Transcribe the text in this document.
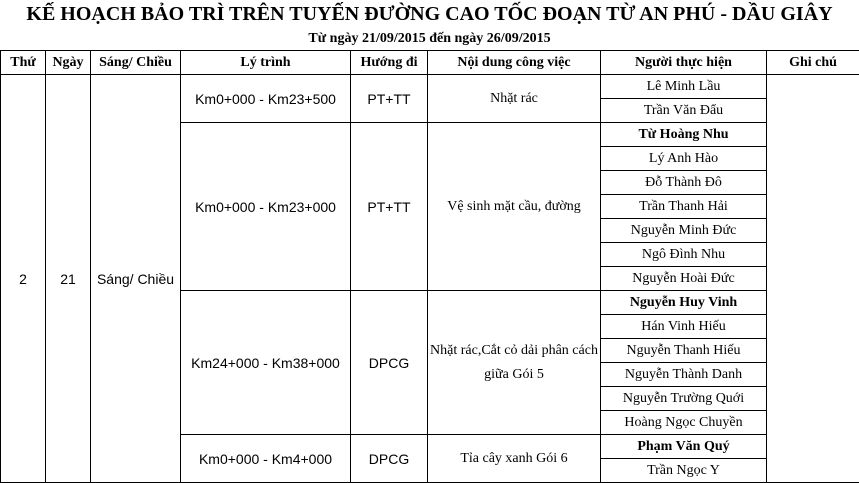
KẾ HOẠCH BẢO TRÌ TRÊN TUYẾN ĐƯỜNG CAO TỐC ĐOẠN TỪ AN PHÚ - DẦU GIÂY
Từ ngày 21/09/2015 đến ngày 26/09/2015
Thứ	Ngày	Sáng/ Chiều	Lý trình	Hướng đi	Nội dung công việc	Người thực hiện	Ghi chú
2	21	Sáng/ Chiều	Km0+000 - Km23+500	PT+TT	Nhặt rác	Lê Minh Lầu	
						Trần Văn Đẩu	
			Km0+000 - Km23+000	PT+TT	Vệ sinh mặt cầu, đường	Từ Hoàng Nhu	
						Lý Anh Hào	
						Đỗ Thành Đô	
						Trần Thanh Hải	
						Nguyễn Minh Đức	
						Ngô Đình Nhu	
						Nguyễn Hoài Đức	
			Km24+000 - Km38+000	DPCG	Nhặt rác,Cắt cỏ dải phân cách giữa Gói 5	Nguyễn Huy Vinh	
						Hán Vinh Hiếu	
						Nguyễn Thanh Hiếu	
						Nguyễn Thành Danh	
						Nguyễn Trường Quới	
						Hoàng Ngọc Chuyền	
			Km0+000 - Km4+000	DPCG	Tỉa cây xanh Gói 6	Phạm Văn Quý	
						Trần Ngọc Y	
